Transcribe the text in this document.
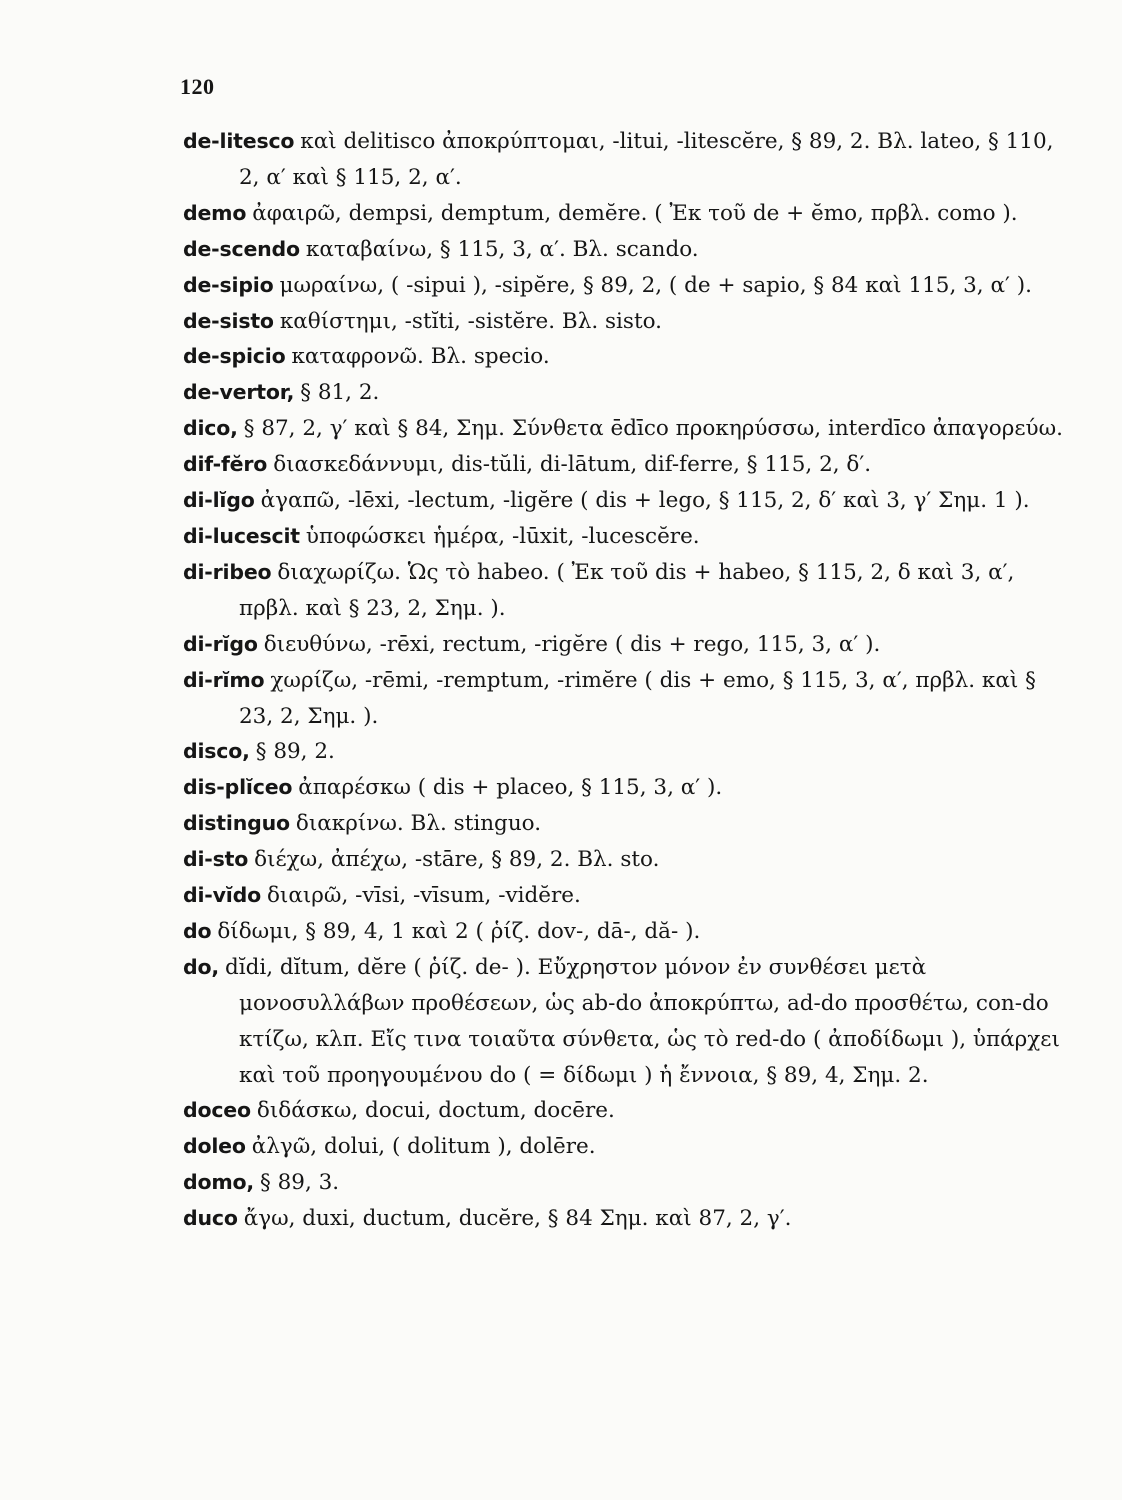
120
de-litesco καὶ delitisco ἀποκρύπτομαι, -litui, -litescĕre, § 89, 2. Βλ. lateo, § 110, 2, α′ καὶ § 115, 2, α′.
demo ἀφαιρῶ, dempsi, demptum, demĕre. ( Ἐκ τοῦ de + ĕmo, πρβλ. como ).
de-scendo καταβαίνω, § 115, 3, α′. Βλ. scando.
de-sipio μωραίνω, ( -sipui ), -sipĕre, § 89, 2, ( de + sapio, § 84 καὶ 115, 3, α′ ).
de-sisto καθίστημι, -stĭti, -sistĕre. Βλ. sisto.
de-spicio καταφρονῶ. Βλ. specio.
de-vertor, § 81, 2.
dico, § 87, 2, γ′ καὶ § 84, Σημ. Σύνθετα ēdīco προκηρύσσω, interdīco ἀπαγορεύω.
dif-fĕro διασκεδάννυμι, dis-tŭli, di-lātum, dif-ferre, § 115, 2, δ′.
di-lĭgo ἀγαπῶ, -lēxi, -lectum, -ligĕre ( dis + lego, § 115, 2, δ′ καὶ 3, γ′ Σημ. 1 ).
di-lucescit ὑποφώσκει ἡμέρα, -lūxit, -lucescĕre.
di-ribeo διαχωρίζω. Ὡς τὸ habeo. ( Ἐκ τοῦ dis + habeo, § 115, 2, δ καὶ 3, α′, πρβλ. καὶ § 23, 2, Σημ. ).
di-rĭgo διευθύνω, -rēxi, rectum, -rigĕre ( dis + rego, 115, 3, α′ ).
di-rĭmo χωρίζω, -rēmi, -remptum, -rimĕre ( dis + emo, § 115, 3, α′, πρβλ. καὶ § 23, 2, Σημ. ).
disco, § 89, 2.
dis-plĭceo ἀπαρέσκω ( dis + placeo, § 115, 3, α′ ).
distinguo διακρίνω. Βλ. stinguo.
di-sto διέχω, ἀπέχω, -stāre, § 89, 2. Βλ. sto.
di-vĭdo διαιρῶ, -vīsi, -vīsum, -vidĕre.
do δίδωμι, § 89, 4, 1 καὶ 2 ( ῥίζ. dov-, dā-, dă- ).
do, dĭdi, dĭtum, dĕre ( ῥίζ. de- ). Εὔχρηστον μόνον ἐν συνθέσει μετὰ μονοσυλλάβων προθέσεων, ὡς ab-do ἀποκρύπτω, ad-do προσθέτω, con-do κτίζω, κλπ. Εἴς τινα τοιαῦτα σύνθετα, ὡς τὸ red-do ( ἀποδίδωμι ), ὑπάρχει καὶ τοῦ προηγουμένου do ( = δίδωμι ) ἡ ἔννοια, § 89, 4, Σημ. 2.
doceo διδάσκω, docui, doctum, docēre.
doleo ἀλγῶ, dolui, ( dolitum ), dolēre.
domo, § 89, 3.
duco ἄγω, duxi, ductum, ducĕre, § 84 Σημ. καὶ 87, 2, γ′.
